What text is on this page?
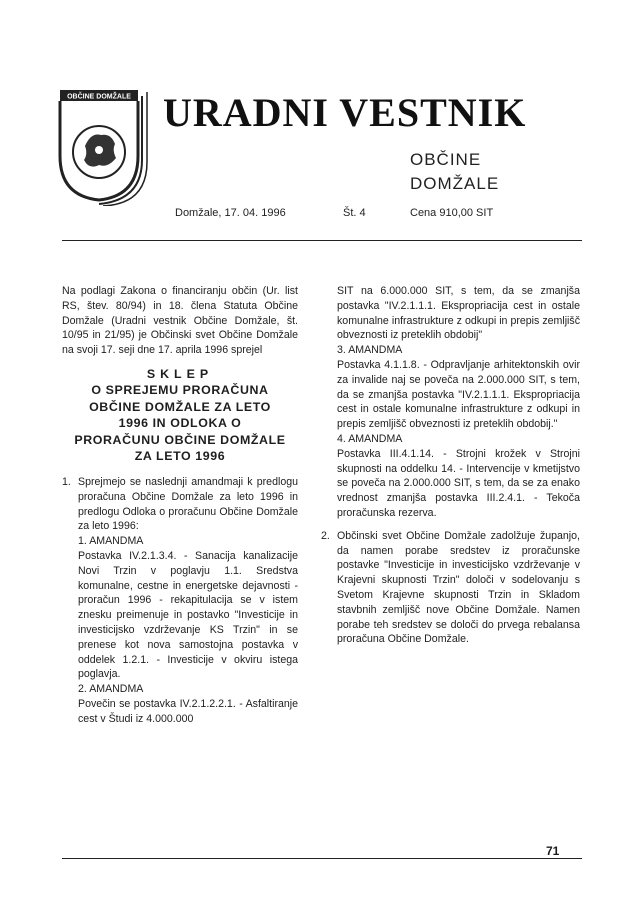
OBČINE DOMŽALE URADNI VESTNIK
OBČINE
DOMŽALE
Domžale, 17. 04. 1996	Št. 4	Cena 910,00 SIT

Na podlagi Zakona o financiranju občin (Ur. list RS, štev. 80/94) in 18. člena Statuta Občine Domžale (Uradni vestnik Občine Domžale, št. 10/95 in 21/95) je Občinski svet Občine Domžale na svoji 17. seji dne 17. aprila 1996 sprejel

SKLEP
O SPREJEMU PRORAČUNA
OBČINE DOMŽALE ZA LETO
1996 IN ODLOKA O
PRORAČUNU OBČINE DOMŽALE
ZA LETO 1996
1. Sprejmejo se naslednji amandmaji k predlogu proračuna Občine Domžale za leto 1996 in predlogu Odloka o proračunu Občine Domžale za leto 1996:

1. AMANDMA

Postavka IV.2.1.3.4. - Sanacija kanalizacije Novi Trzin v poglavju 1.1. Sredstva komunalne, cestne in energetske dejavnosti - proračun 1996 - rekapitulacija se v istem znesku preimenuje in postavko "Investicije in investicijsko vzdrževanje KS Trzin" in se prenese kot nova samostojna postavka v oddelek 1.2.1. - Investicije v okviru istega poglavja.

2. AMANDMA

Povečin se postavka IV.2.1.2.2.1. - Asfaltiranje cest v Študi iz 4.000.000

SIT na 6.000.000 SIT, s tem, da se zmanjša postavka "IV.2.1.1.1. Ekspropriacija cest in ostale komunalne infrastrukture z odkupi in prepis zemljišč obveznosti iz preteklih obdobij"

3. AMANDMA

Postavka 4.1.1.8. - Odpravljanje arhitektonskih ovir za invalide naj se poveča na 2.000.000 SIT, s tem, da se zmanjša postavka "IV.2.1.1.1. Ekspropriacija cest in ostale komunalne infrastrukture z odkupi in prepis zemljišč obveznosti iz preteklih obdobij."

4. AMANDMA

Postavka III.4.1.14. - Strojni krožek v Strojni skupnosti na oddelku 14. - Intervencije v kmetijstvo se poveča na 2.000.000 SIT, s tem, da se za enako vrednost zmanjša postavka III.2.4.1. - Tekoča proračunska rezerva.

2. Občinski svet Občine Domžale zadolžuje županjo, da namen porabe sredstev iz proračunske postavke "Investicije in investicijsko vzdrževanje v Krajevni skupnosti Trzin" določi v sodelovanju s Svetom Krajevne skupnosti Trzin in Skladom stavbnih zemljišč nove Občine Domžale. Namen porabe teh sredstev se določi do prvega rebalansa proračuna Občine Domžale.

71
